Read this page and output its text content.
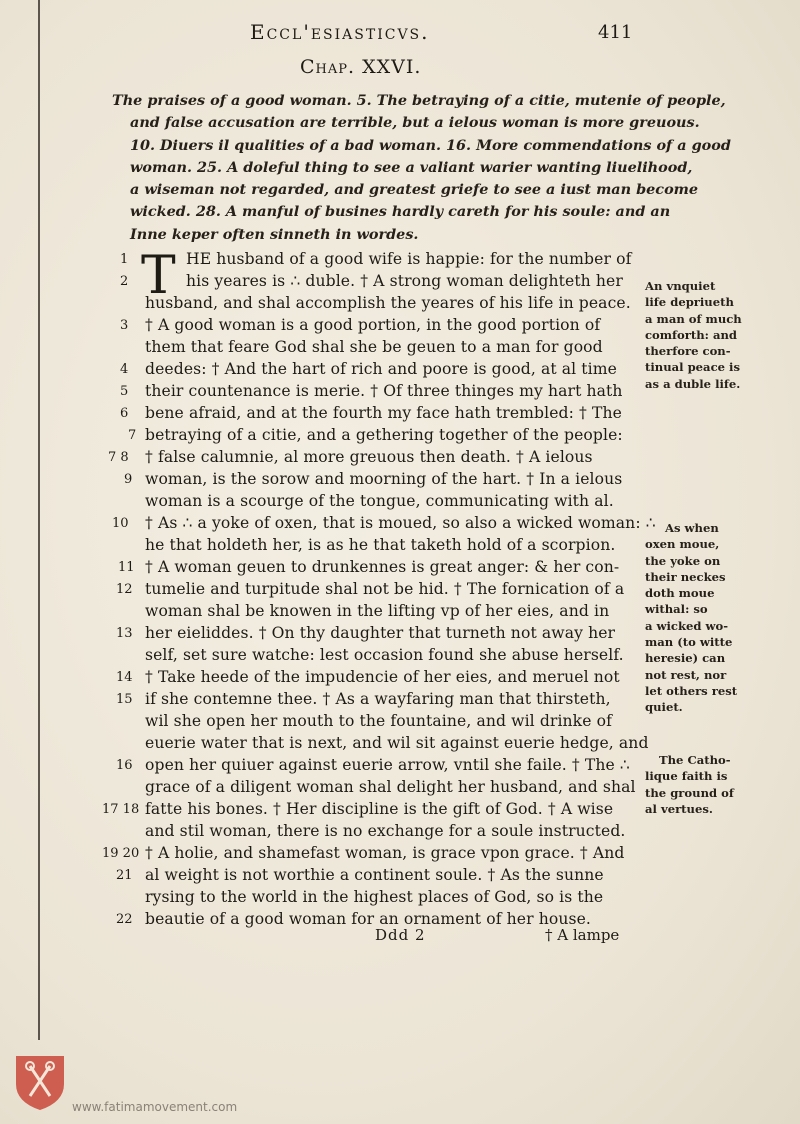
Eccl'esiasticvs.	411
Chap. XXVI.
The praises of a good woman. 5. The betraying of a citie, mutenie of people,
and false accusation are terrible, but a ielous woman is more greuous.
10. Diuers il qualities of a bad woman. 16. More commendations of a good
woman. 25. A doleful thing to see a valiant warier wanting liuelihood,
a wiseman not regarded, and greatest griefe to see a iust man become
wicked. 28. A manful of busines hardly careth for his soule: and an
Inne keper often sinneth in wordes.
T
1	HE husband of a good wife is happie: for the number of
2	his yeares is ∴ duble. † A strong woman delighteth her
husband, and shal accomplish the yeares of his life in peace.
3 † A good woman is a good portion, in the good portion of
them that feare God shal she be geuen to a man for good
4 deedes: † And the hart of rich and poore is good, at al time
5 their countenance is merie. † Of three thinges my hart hath
6 bene afraid, and at the fourth my face hath trembled: † The
7 betraying of a citie, and a gethering together of the people:
7 8 † false calumnie, al more greuous then death. † A ielous
9 woman, is the sorow and moorning of the hart. † In a ielous
woman is a scourge of the tongue, communicating with al.
10 † As ∴ a yoke of oxen, that is moued, so also a wicked woman: ∴
he that holdeth her, is as he that taketh hold of a scorpion.
11 † A woman geuen to drunkennes is great anger: & her con-
12 tumelie and turpitude shal not be hid. † The fornication of a
woman shal be knowen in the lifting vp of her eies, and in
13 her eieliddes. † On thy daughter that turneth not away her
self, set sure watche: lest occasion found she abuse herself.
14 † Take heede of the impudencie of her eies, and meruel not
15 if she contemne thee. † As a wayfaring man that thirsteth,
wil she open her mouth to the fountaine, and wil drinke of
euerie water that is next, and wil sit against euerie hedge, and
16 open her quiuer against euerie arrow, vntil she faile. † The ∴
grace of a diligent woman shal delight her husband, and shal
17 18 fatte his bones. † Her discipline is the gift of God. † A wise
and stil woman, there is no exchange for a soule instructed.
19 20 † A holie, and shamefast woman, is grace vpon grace. † And
21 al weight is not worthie a continent soule. † As the sunne
rysing to the world in the highest places of God, so is the
22 beautie of a good woman for an ornament of her house.
An vnquiet
life depriueth
a man of much
comforth: and
therfore con-
tinual peace is
as a duble life.
As when
oxen moue,
the yoke on
their neckes
doth moue
withal: so
a wicked wo-
man (to witte
heresie) can
not rest, nor
let others rest
quiet.
The Catho-
lique faith is
the ground of
al vertues.
Ddd 2	† A lampe
www.fatimamovement.com
